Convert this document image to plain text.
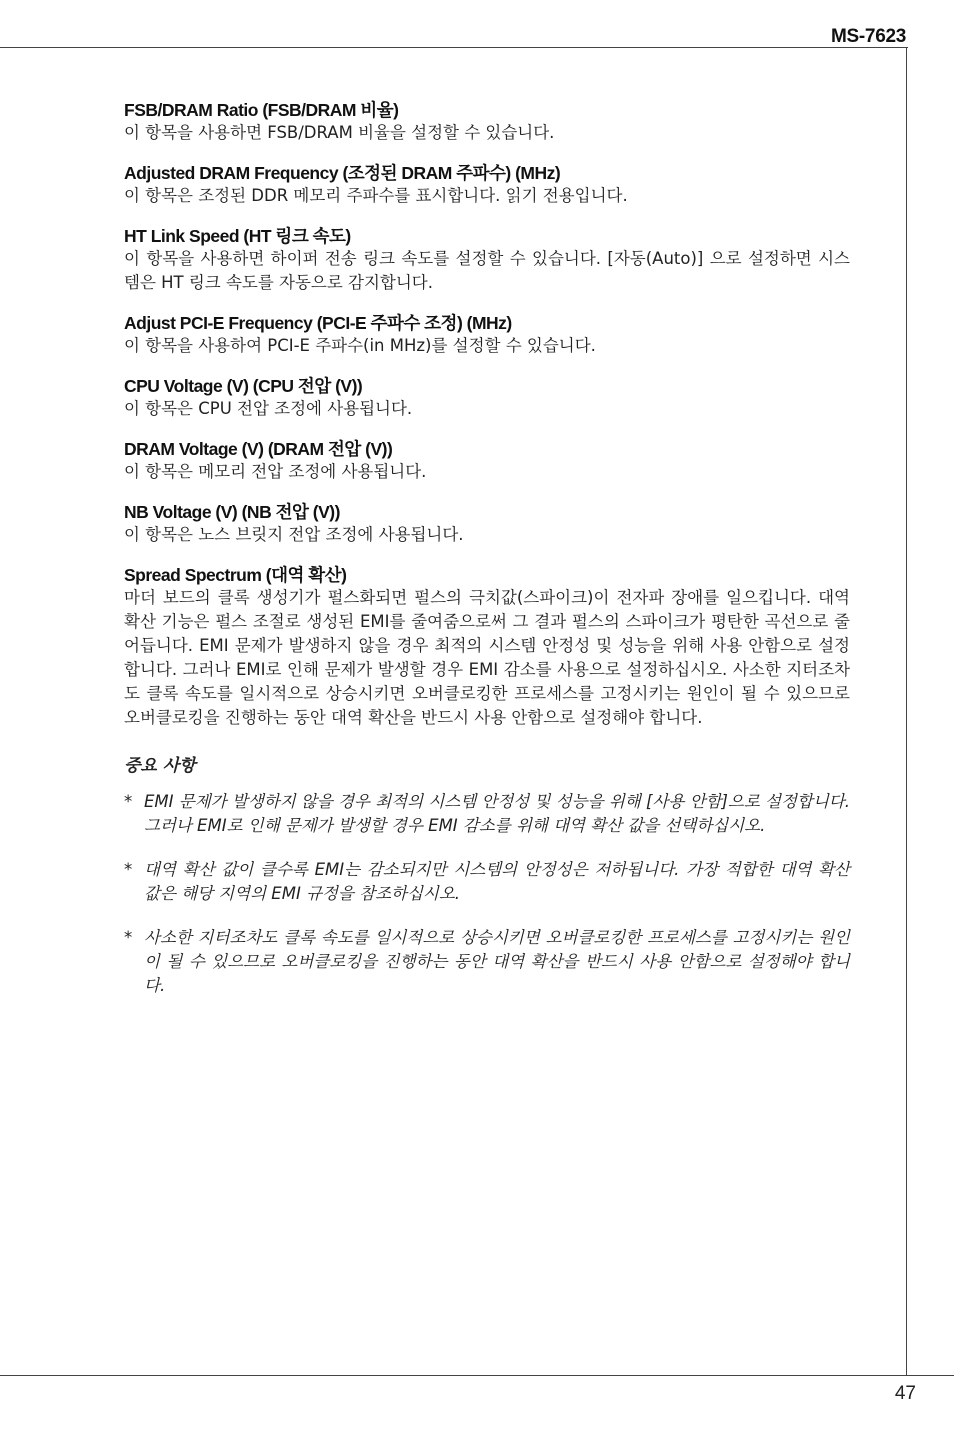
MS-7623
FSB/DRAM Ratio (FSB/DRAM 비율)
이 항목을 사용하면 FSB/DRAM 비율을 설정할 수 있습니다.
Adjusted DRAM Frequency (조정된 DRAM 주파수) (MHz)
이 항목은 조정된 DDR 메모리 주파수를 표시합니다. 읽기 전용입니다.
HT Link Speed (HT 링크 속도)
이 항목을 사용하면 하이퍼 전송 링크 속도를 설정할 수 있습니다. [자동(Auto)] 으로 설정하면 시스템은 HT 링크 속도를 자동으로 감지합니다.
Adjust PCI-E Frequency (PCI-E 주파수 조정) (MHz)
이 항목을 사용하여 PCI-E 주파수(in MHz)를 설정할 수 있습니다.
CPU Voltage (V) (CPU 전압 (V))
이 항목은 CPU 전압 조정에 사용됩니다.
DRAM Voltage (V) (DRAM 전압 (V))
이 항목은 메모리 전압 조정에 사용됩니다.
NB Voltage (V) (NB 전압 (V))
이 항목은 노스 브릿지 전압 조정에 사용됩니다.
Spread Spectrum (대역 확산)
마더 보드의 클록 생성기가 펄스화되면 펄스의 극치값(스파이크)이 전자파 장애를 일으킵니다. 대역 확산 기능은 펄스 조절로 생성된 EMI를 줄여줌으로써 그 결과 펄스의 스파이크가 평탄한 곡선으로 줄어듭니다. EMI 문제가 발생하지 않을 경우 최적의 시스템 안정성 및 성능을 위해 사용 안함으로 설정합니다. 그러나 EMI로 인해 문제가 발생할 경우 EMI 감소를 사용으로 설정하십시오. 사소한 지터조차도 클록 속도를 일시적으로 상승시키면 오버클로킹한 프로세스를 고정시키는 원인이 될 수 있으므로 오버클로킹을 진행하는 동안 대역 확산을 반드시 사용 안함으로 설정해야 합니다.
중요 사항
* EMI 문제가 발생하지 않을 경우 최적의 시스템 안정성 및 성능을 위해 [사용 안함]으로 설정합니다. 그러나 EMI로 인해 문제가 발생할 경우 EMI 감소를 위해 대역 확산 값을 선택하십시오.
* 대역 확산 값이 클수록 EMI는 감소되지만 시스템의 안정성은 저하됩니다. 가장 적합한 대역 확산 값은 해당 지역의 EMI 규정을 참조하십시오.
* 사소한 지터조차도 클록 속도를 일시적으로 상승시키면 오버클로킹한 프로세스를 고정시키는 원인이 될 수 있으므로 오버클로킹을 진행하는 동안 대역 확산을 반드시 사용 안함으로 설정해야 합니다.
47
